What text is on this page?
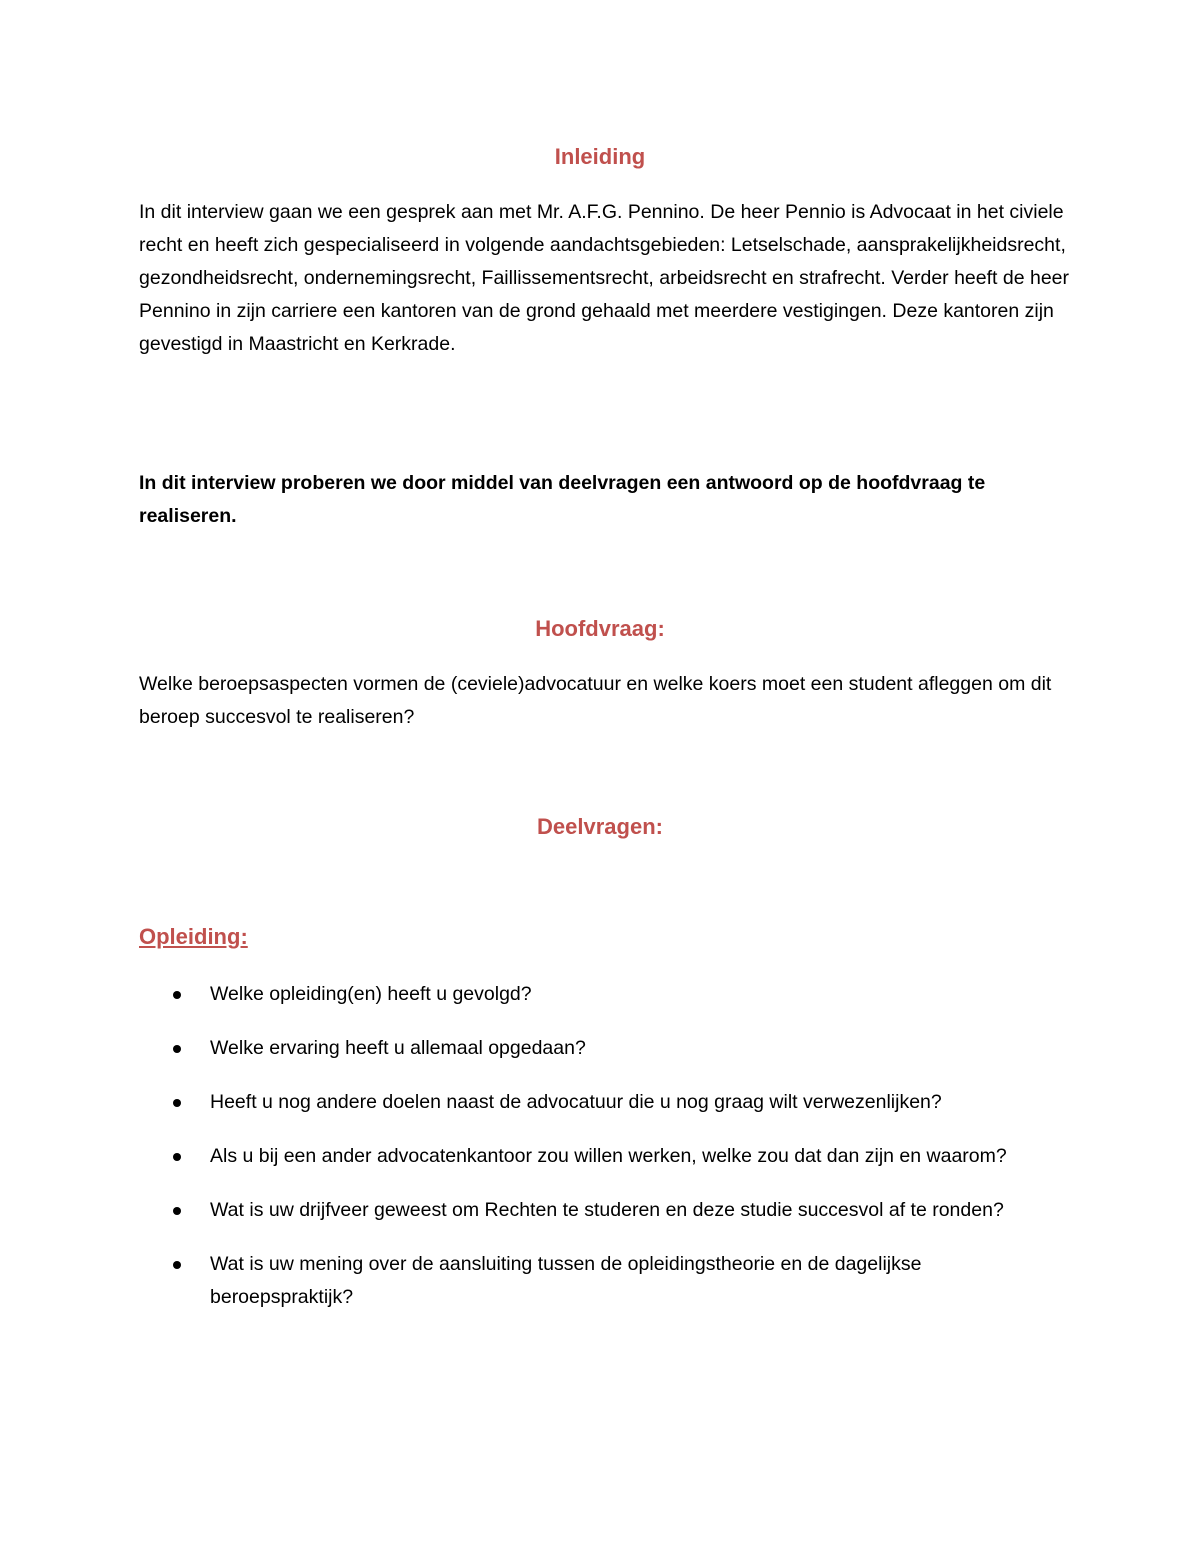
Inleiding

In dit interview gaan we een gesprek aan met Mr. A.F.G. Pennino. De heer Pennio is Advocaat in het civiele recht en heeft zich gespecialiseerd in volgende aandachtsgebieden: Letselschade, aansprakelijkheidsrecht, gezondheidsrecht, ondernemingsrecht, Faillissementsrecht, arbeidsrecht en strafrecht. Verder heeft de heer Pennino in zijn carriere een kantoren van de grond gehaald met meerdere vestigingen. Deze kantoren zijn gevestigd in Maastricht en Kerkrade.

In dit interview proberen we door middel van deelvragen een antwoord op de hoofdvraag te realiseren.

Hoofdvraag:

Welke beroepsaspecten vormen de (ceviele)advocatuur en welke koers moet een student afleggen om dit beroep succesvol te realiseren?

Deelvragen:
Opleiding:
Welke opleiding(en) heeft u gevolgd?
Welke ervaring heeft u allemaal opgedaan?
Heeft u nog andere doelen naast de advocatuur die u nog graag wilt verwezenlijken?
Als u bij een ander advocatenkantoor zou willen werken, welke zou dat dan zijn en waarom?
Wat is uw drijfveer geweest om Rechten te studeren en deze studie succesvol af te ronden?
Wat is uw mening over de aansluiting tussen de opleidingstheorie en de dagelijkse beroepspraktijk?
